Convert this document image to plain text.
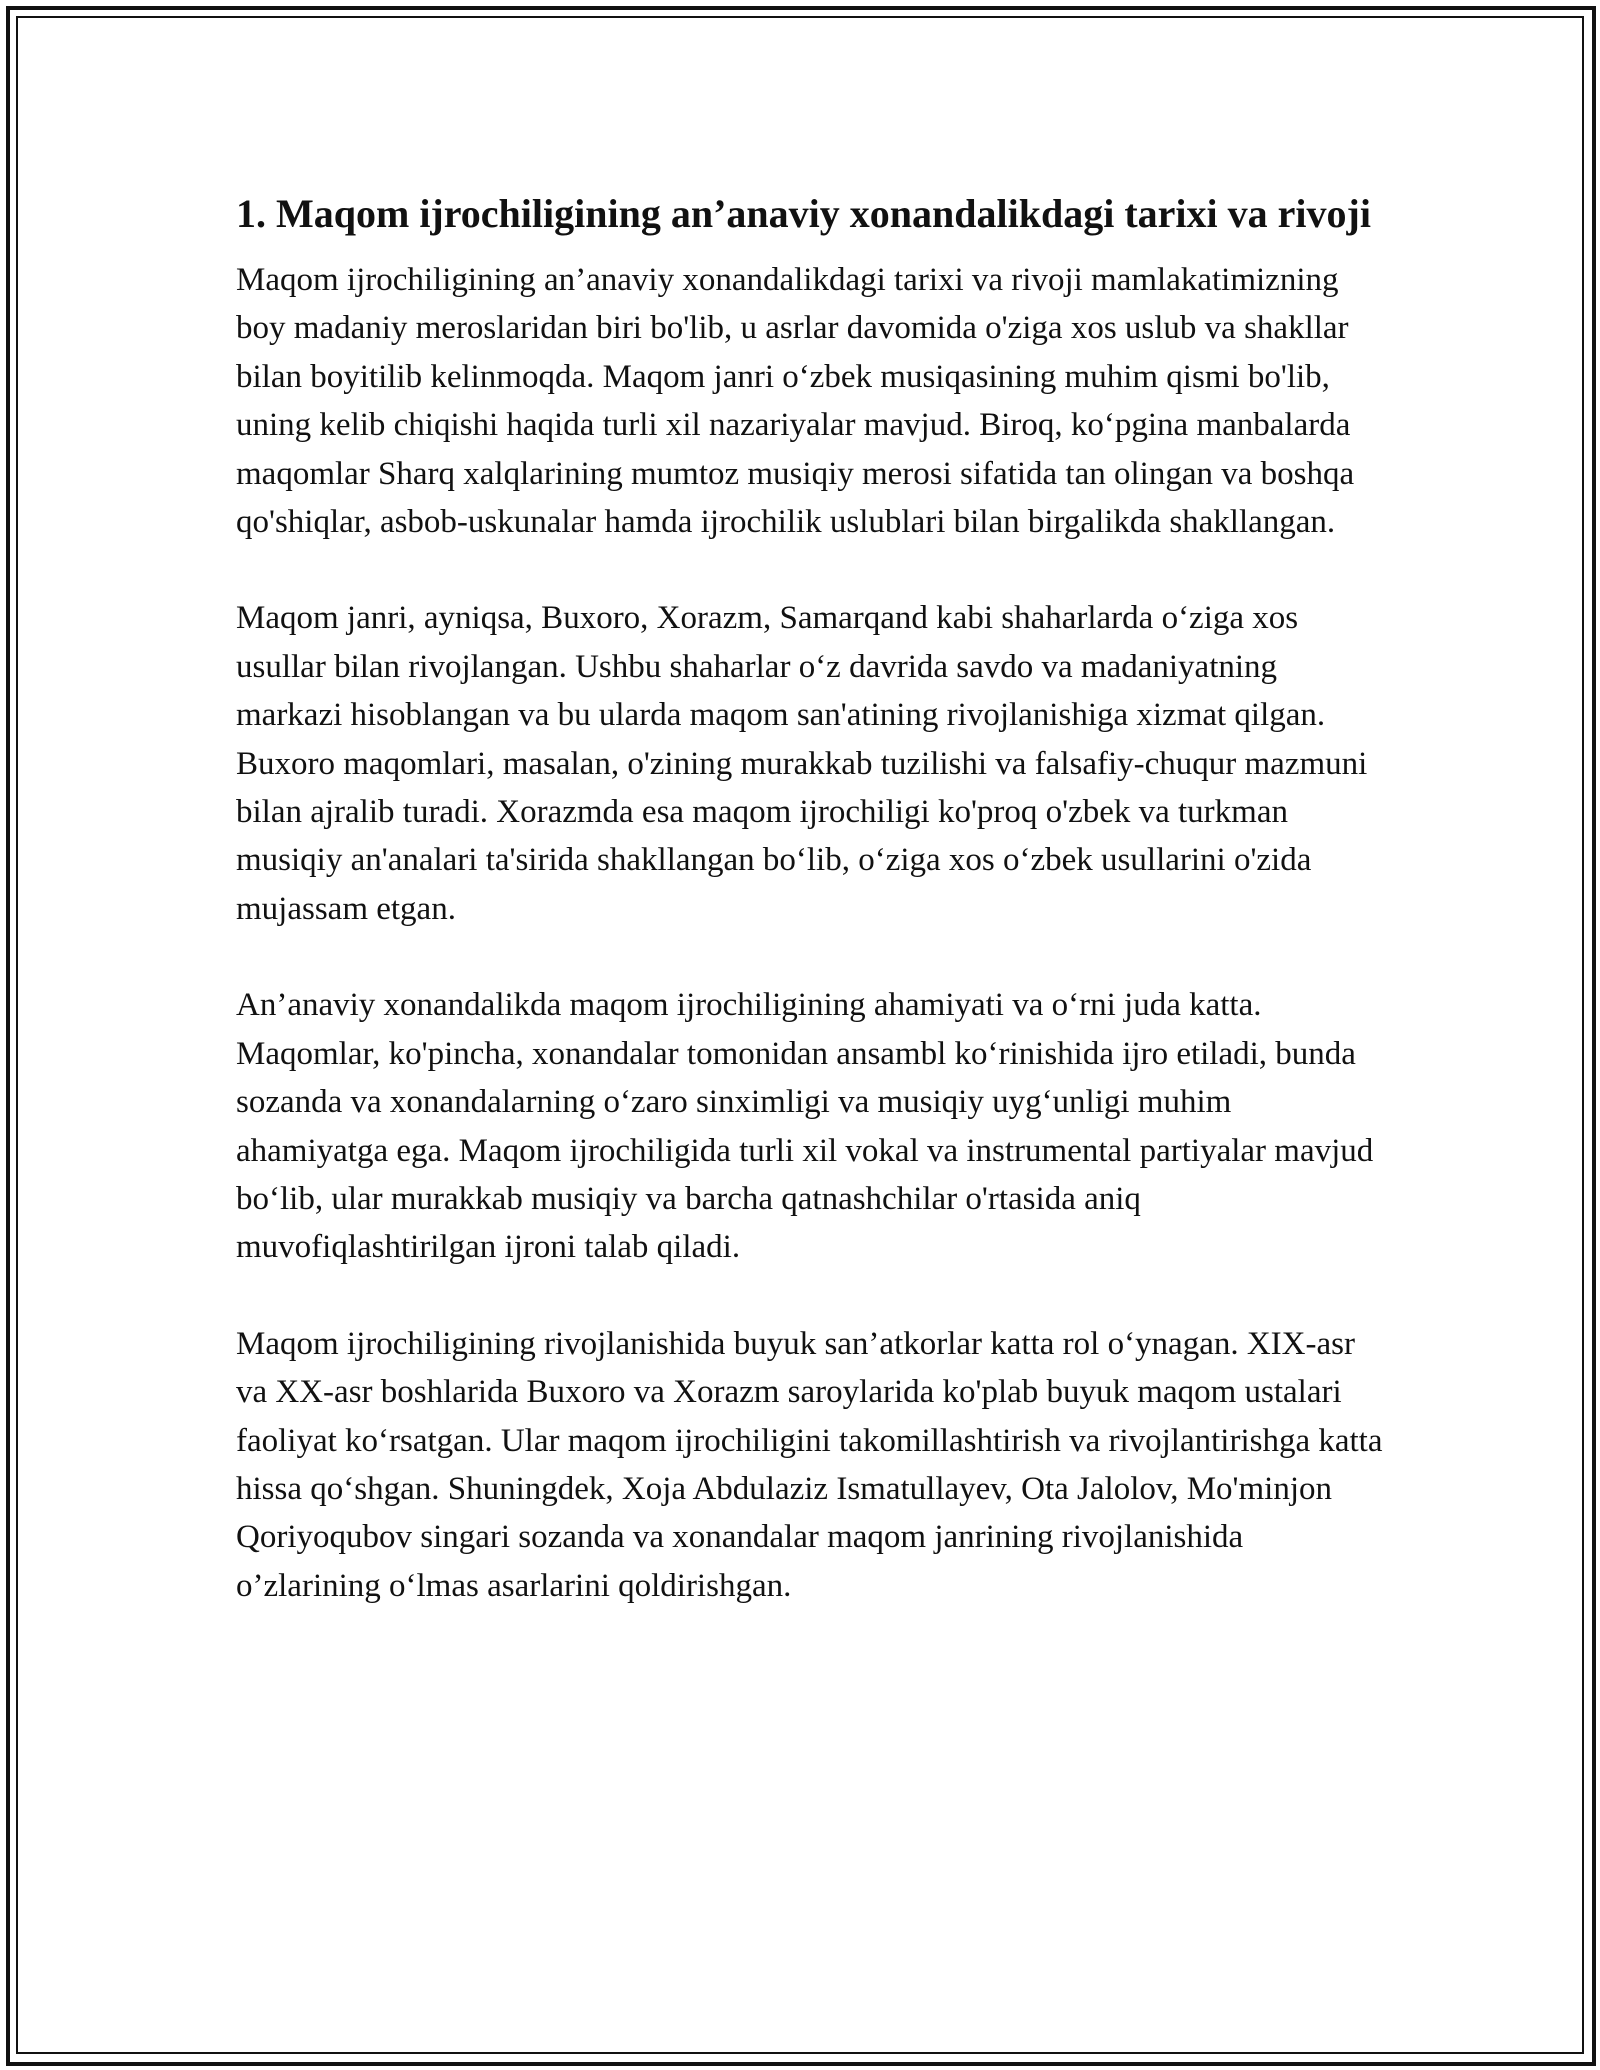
1. Maqom ijrochiligining an’anaviy xonandalikdagi tarixi va rivoji

Maqom ijrochiligining an’anaviy xonandalikdagi tarixi va rivoji mamlakatimizning boy madaniy meroslaridan biri bo'lib, u asrlar davomida o'ziga xos uslub va shakllar bilan boyitilib kelinmoqda. Maqom janri o‘zbek musiqasining muhim qismi bo'lib, uning kelib chiqishi haqida turli xil nazariyalar mavjud. Biroq, ko‘pgina manbalarda maqomlar Sharq xalqlarining mumtoz musiqiy merosi sifatida tan olingan va boshqa qo'shiqlar, asbob-uskunalar hamda ijrochilik uslublari bilan birgalikda shakllangan.

Maqom janri, ayniqsa, Buxoro, Xorazm, Samarqand kabi shaharlarda o‘ziga xos usullar bilan rivojlangan. Ushbu shaharlar o‘z davrida savdo va madaniyatning markazi hisoblangan va bu ularda maqom san'atining rivojlanishiga xizmat qilgan. Buxoro maqomlari, masalan, o'zining murakkab tuzilishi va falsafiy-chuqur mazmuni bilan ajralib turadi. Xorazmda esa maqom ijrochiligi ko'proq o'zbek va turkman musiqiy an'analari ta'sirida shakllangan bo‘lib, o‘ziga xos o‘zbek usullarini o'zida mujassam etgan.

An’anaviy xonandalikda maqom ijrochiligining ahamiyati va o‘rni juda katta. Maqomlar, ko'pincha, xonandalar tomonidan ansambl ko‘rinishida ijro etiladi, bunda sozanda va xonandalarning o‘zaro sinximligi va musiqiy uyg‘unligi muhim ahamiyatga ega. Maqom ijrochiligida turli xil vokal va instrumental partiyalar mavjud bo‘lib, ular murakkab musiqiy va barcha qatnashchilar o'rtasida aniq muvofiqlashtirilgan ijroni talab qiladi.

Maqom ijrochiligining rivojlanishida buyuk san’atkorlar katta rol o‘ynagan. XIX-asr va XX-asr boshlarida Buxoro va Xorazm saroylarida ko'plab buyuk maqom ustalari faoliyat ko‘rsatgan. Ular maqom ijrochiligini takomillashtirish va rivojlantirishga katta hissa qo‘shgan. Shuningdek, Xoja Abdulaziz Ismatullayev, Ota Jalolov, Mo'minjon Qoriyoqubov singari sozanda va xonandalar maqom janrining rivojlanishida o’zlarining o‘lmas asarlarini qoldirishgan.
